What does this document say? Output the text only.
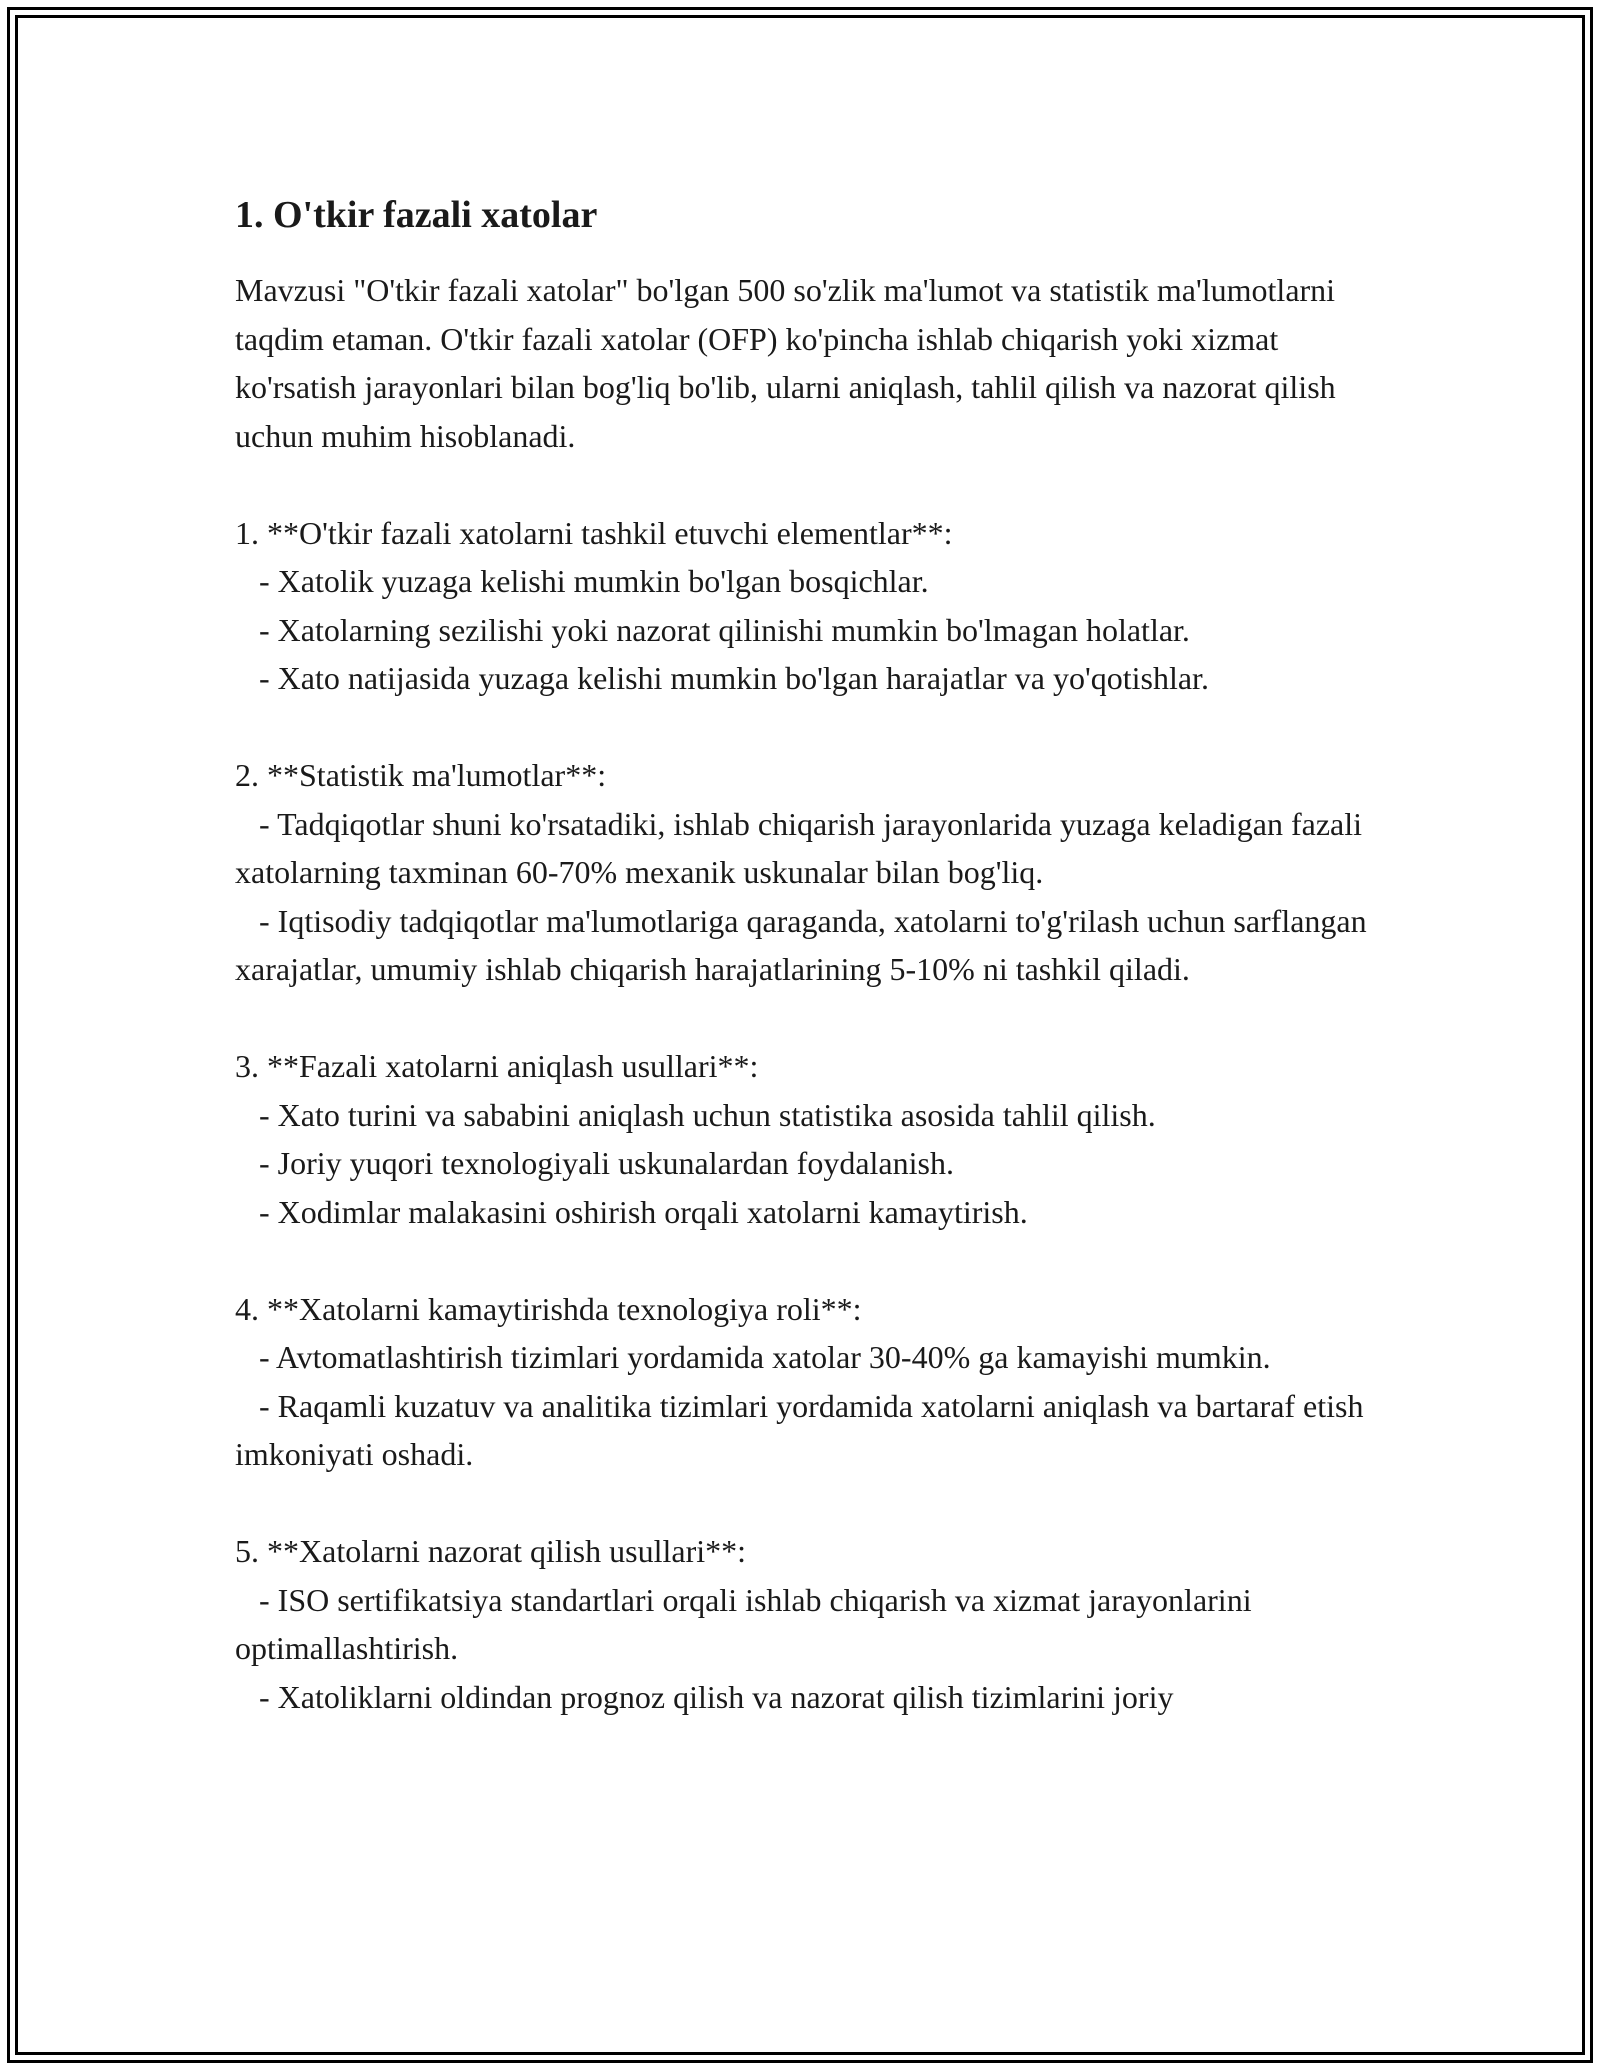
1. O'tkir fazali xatolar

Mavzusi "O'tkir fazali xatolar" bo'lgan 500 so'zlik ma'lumot va statistik ma'lumotlarni taqdim etaman. O'tkir fazali xatolar (OFP) ko'pincha ishlab chiqarish yoki xizmat ko'rsatish jarayonlari bilan bog'liq bo'lib, ularni aniqlash, tahlil qilish va nazorat qilish uchun muhim hisoblanadi.

1. **O'tkir fazali xatolarni tashkil etuvchi elementlar**:
- Xatolik yuzaga kelishi mumkin bo'lgan bosqichlar.
- Xatolarning sezilishi yoki nazorat qilinishi mumkin bo'lmagan holatlar.
- Xato natijasida yuzaga kelishi mumkin bo'lgan harajatlar va yo'qotishlar.

2. **Statistik ma'lumotlar**:
- Tadqiqotlar shuni ko'rsatadiki, ishlab chiqarish jarayonlarida yuzaga keladigan fazali xatolarning taxminan 60-70% mexanik uskunalar bilan bog'liq.
- Iqtisodiy tadqiqotlar ma'lumotlariga qaraganda, xatolarni to'g'rilash uchun sarflangan xarajatlar, umumiy ishlab chiqarish harajatlarining 5-10% ni tashkil qiladi.

3. **Fazali xatolarni aniqlash usullari**:
- Xato turini va sababini aniqlash uchun statistika asosida tahlil qilish.
- Joriy yuqori texnologiyali uskunalardan foydalanish.
- Xodimlar malakasini oshirish orqali xatolarni kamaytirish.

4. **Xatolarni kamaytirishda texnologiya roli**:
- Avtomatlashtirish tizimlari yordamida xatolar 30-40% ga kamayishi mumkin.
- Raqamli kuzatuv va analitika tizimlari yordamida xatolarni aniqlash va bartaraf etish imkoniyati oshadi.

5. **Xatolarni nazorat qilish usullari**:
- ISO sertifikatsiya standartlari orqali ishlab chiqarish va xizmat jarayonlarini optimallashtirish.
- Xatoliklarni oldindan prognoz qilish va nazorat qilish tizimlarini joriy
